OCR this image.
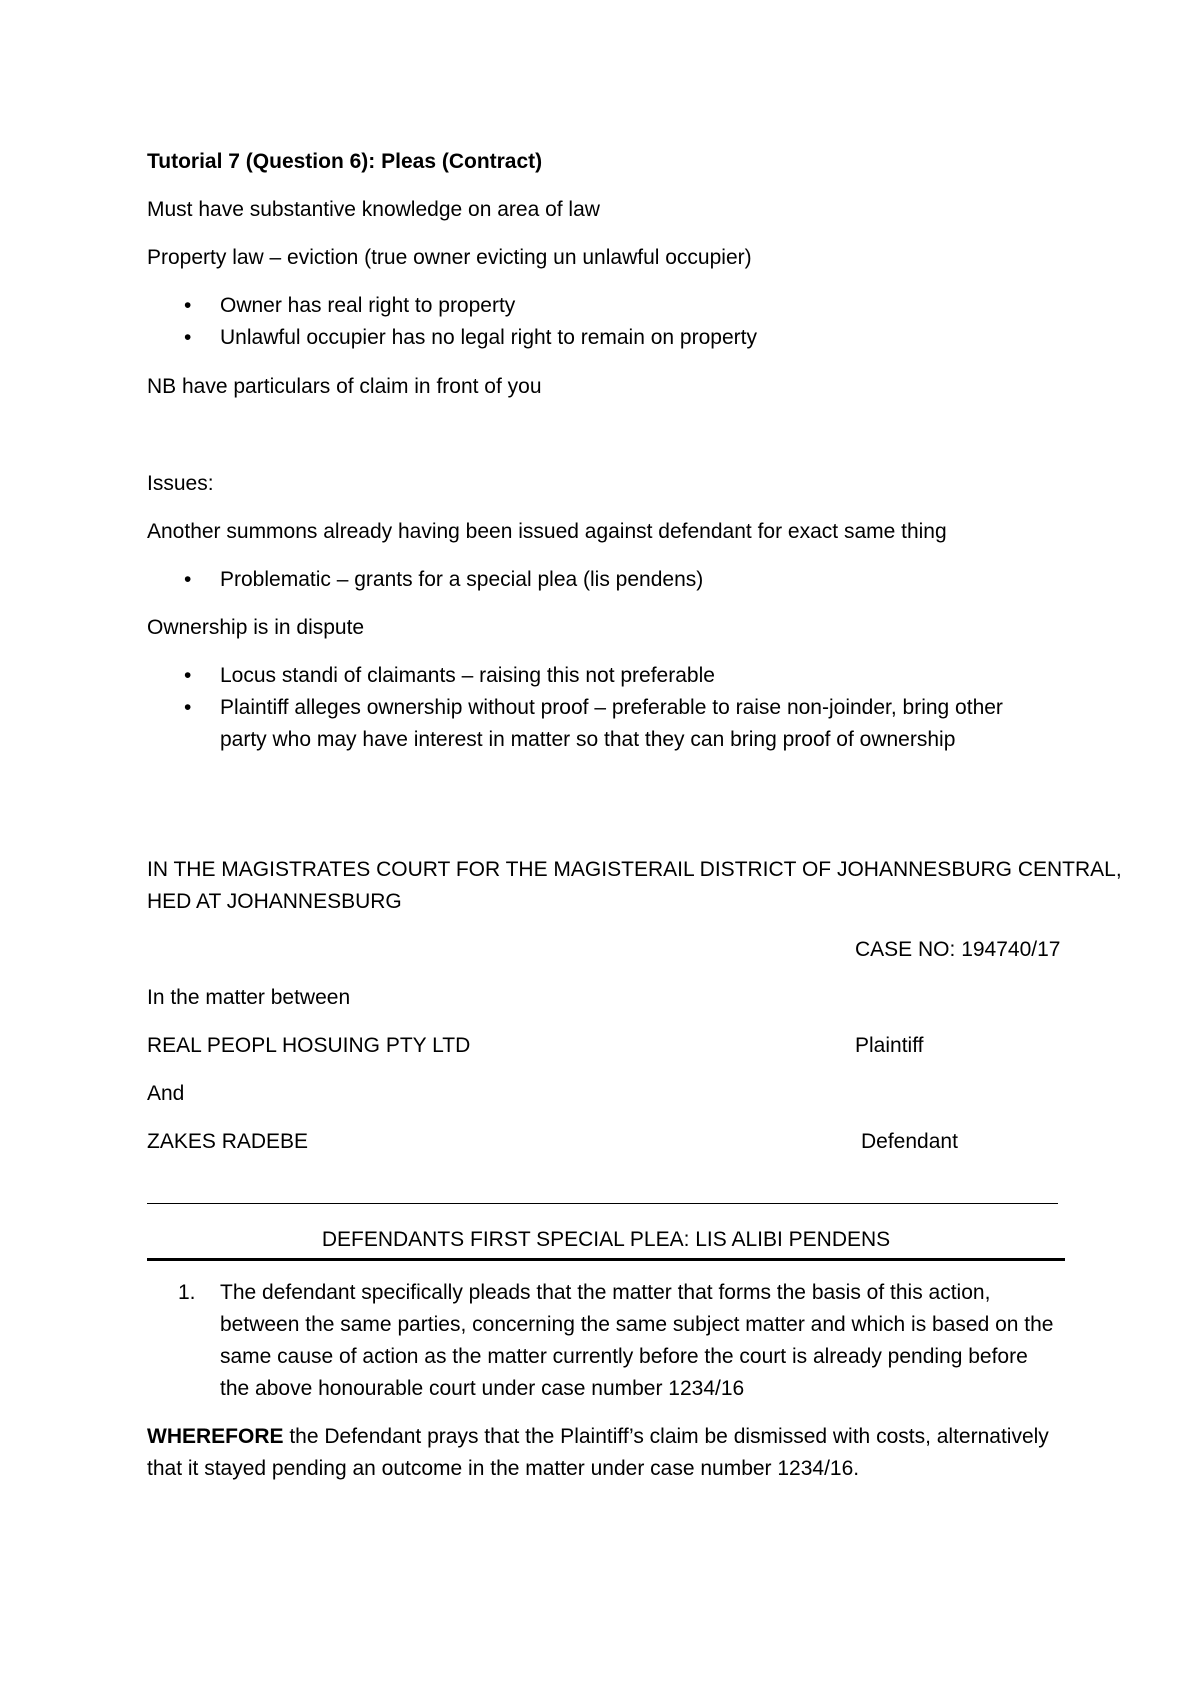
Tutorial 7 (Question 6): Pleas (Contract)
Must have substantive knowledge on area of law
Property law – eviction (true owner evicting un unlawful occupier)
•	Owner has real right to property
•	Unlawful occupier has no legal right to remain on property
NB have particulars of claim in front of you
Issues:
Another summons already having been issued against defendant for exact same thing
•	Problematic – grants for a special plea (lis pendens)
Ownership is in dispute
•	Locus standi of claimants – raising this not preferable
•	Plaintiff alleges ownership without proof – preferable to raise non-joinder, bring other party who may have interest in matter so that they can bring proof of ownership
IN THE MAGISTRATES COURT FOR THE MAGISTERAIL DISTRICT OF JOHANNESBURG CENTRAL,
HED AT JOHANNESBURG
CASE NO: 194740/17
In the matter between
REAL PEOPL HOSUING PTY LTD	Plaintiff
And
ZAKES RADEBE	Defendant
DEFENDANTS FIRST SPECIAL PLEA: LIS ALIBI PENDENS
1. The defendant specifically pleads that the matter that forms the basis of this action, between the same parties, concerning the same subject matter and which is based on the same cause of action as the matter currently before the court is already pending before the above honourable court under case number 1234/16
WHEREFORE the Defendant prays that the Plaintiff’s claim be dismissed with costs, alternatively that it stayed pending an outcome in the matter under case number 1234/16.
